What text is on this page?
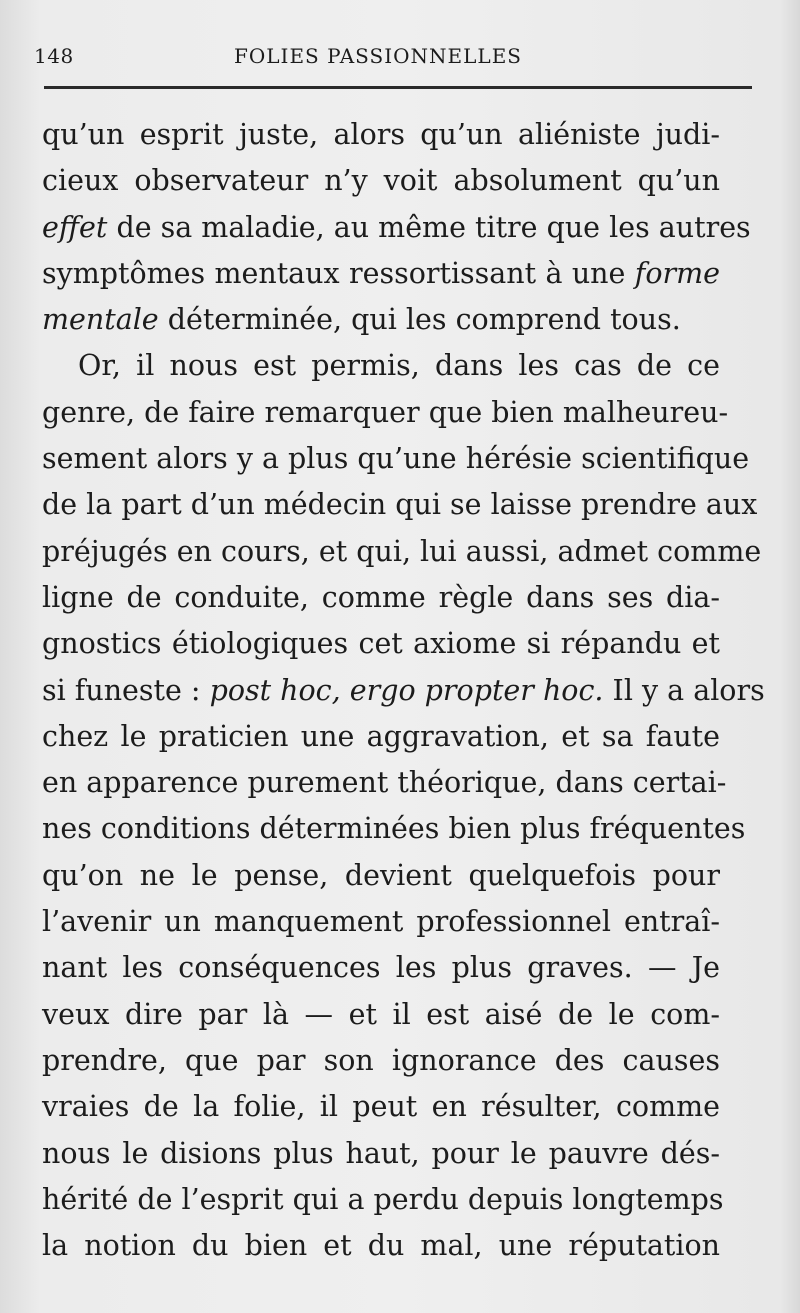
148	FOLIES PASSIONNELLES
qu’un esprit juste, alors qu’un aliéniste judi-
cieux observateur n’y voit absolument qu’un
effet de sa maladie, au même titre que les autres
symptômes mentaux ressortissant à une forme
mentale déterminée, qui les comprend tous.
Or, il nous est permis, dans les cas de ce
genre, de faire remarquer que bien malheureu-
sement alors y a plus qu’une hérésie scientifique
de la part d’un médecin qui se laisse prendre aux
préjugés en cours, et qui, lui aussi, admet comme
ligne de conduite, comme règle dans ses dia-
gnostics étiologiques cet axiome si répandu et
si funeste : post hoc, ergo propter hoc. Il y a alors
chez le praticien une aggravation, et sa faute
en apparence purement théorique, dans certai-
nes conditions déterminées bien plus fréquentes
qu’on ne le pense, devient quelquefois pour
l’avenir un manquement professionnel entraî-
nant les conséquences les plus graves. — Je
veux dire par là — et il est aisé de le com-
prendre, que par son ignorance des causes
vraies de la folie, il peut en résulter, comme
nous le disions plus haut, pour le pauvre dés-
hérité de l’esprit qui a perdu depuis longtemps
la notion du bien et du mal, une réputation
